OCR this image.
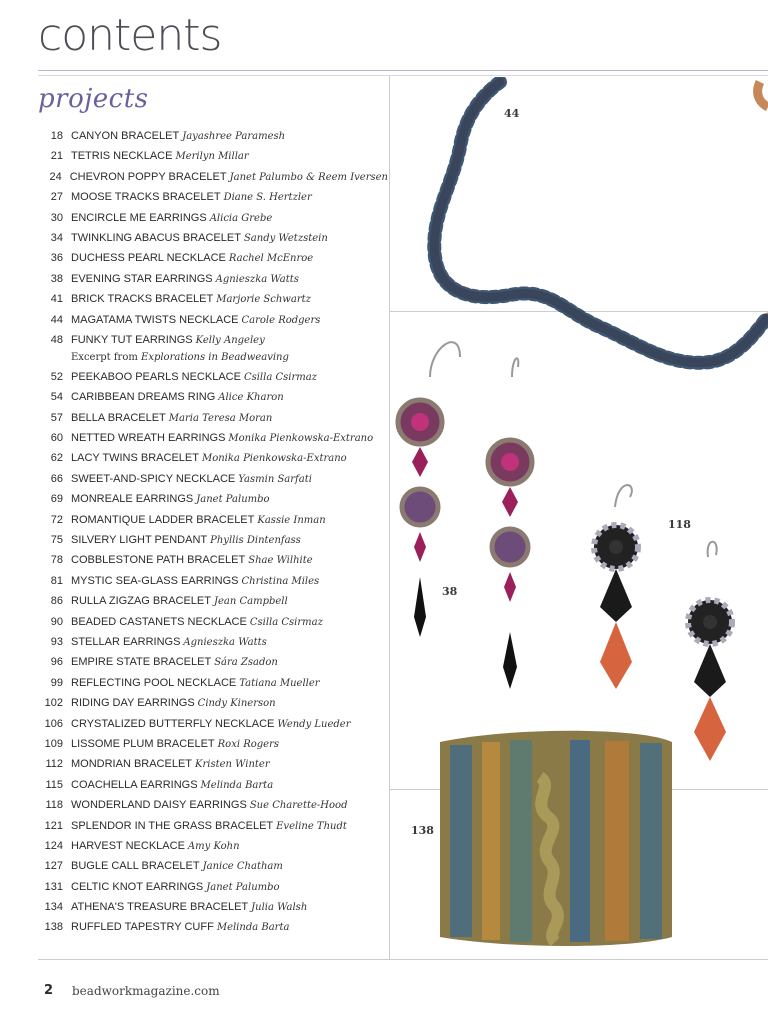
contents
projects
18 CANYON BRACELET Jayashree Paramesh
21 TETRIS NECKLACE Merilyn Millar
24 CHEVRON POPPY BRACELET Janet Palumbo & Reem Iversen
27 MOOSE TRACKS BRACELET Diane S. Hertzler
30 ENCIRCLE ME EARRINGS Alicia Grebe
34 TWINKLING ABACUS BRACELET Sandy Wetzstein
36 DUCHESS PEARL NECKLACE Rachel McEnroe
38 EVENING STAR EARRINGS Agnieszka Watts
41 BRICK TRACKS BRACELET Marjorie Schwartz
44 MAGATAMA TWISTS NECKLACE Carole Rodgers
48 FUNKY TUT EARRINGS Kelly Angeley
Excerpt from Explorations in Beadweaving
52 PEEKABOO PEARLS NECKLACE Csilla Csirmaz
54 CARIBBEAN DREAMS RING Alice Kharon
57 BELLA BRACELET Maria Teresa Moran
60 NETTED WREATH EARRINGS Monika Pienkowska-Extrano
62 LACY TWINS BRACELET Monika Pienkowska-Extrano
66 SWEET-AND-SPICY NECKLACE Yasmin Sarfati
69 MONREALE EARRINGS Janet Palumbo
72 ROMANTIQUE LADDER BRACELET Kassie Inman
75 SILVERY LIGHT PENDANT Phyllis Dintenfass
78 COBBLESTONE PATH BRACELET Shae Wilhite
81 MYSTIC SEA-GLASS EARRINGS Christina Miles
86 RULLA ZIGZAG BRACELET Jean Campbell
90 BEADED CASTANETS NECKLACE Csilla Csirmaz
93 STELLAR EARRINGS Agnieszka Watts
96 EMPIRE STATE BRACELET Sára Zsadon
99 REFLECTING POOL NECKLACE Tatiana Mueller
102 RIDING DAY EARRINGS Cindy Kinerson
106 CRYSTALIZED BUTTERFLY NECKLACE Wendy Lueder
109 LISSOME PLUM BRACELET Roxi Rogers
112 MONDRIAN BRACELET Kristen Winter
115 COACHELLA EARRINGS Melinda Barta
118 WONDERLAND DAISY EARRINGS Sue Charette-Hood
121 SPLENDOR IN THE GRASS BRACELET Eveline Thudt
124 HARVEST NECKLACE Amy Kohn
127 BUGLE CALL BRACELET Janice Chatham
131 CELTIC KNOT EARRINGS Janet Palumbo
134 ATHENA'S TREASURE BRACELET Julia Walsh
138 RUFFLED TAPESTRY CUFF Melinda Barta
44
38
118
138
2 beadworkmagazine.com
